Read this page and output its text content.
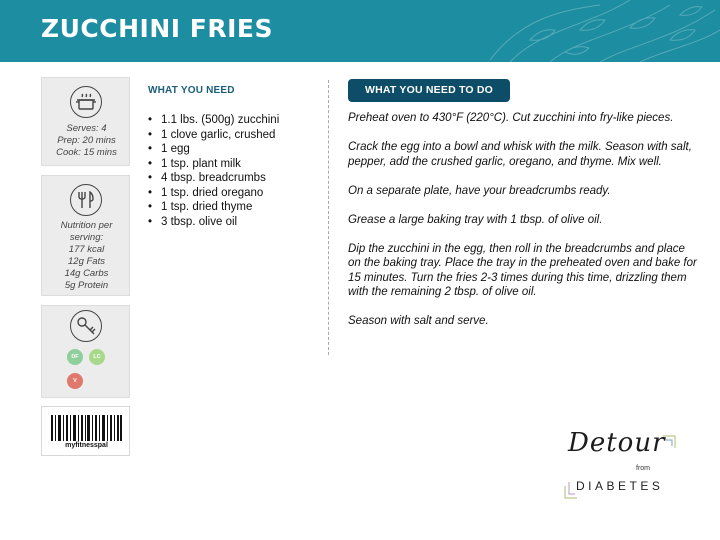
ZUCCHINI FRIES
Serves: 4
Prep: 20 mins
Cook: 15 mins
Nutrition per
serving:
177 kcal
12g Fats
14g Carbs
5g Protein
DF	LC
V
myfitnesspal
WHAT YOU NEED
• 1.1 lbs. (500g) zucchini
• 1 clove garlic, crushed
• 1 egg
• 1 tsp. plant milk
• 4 tbsp. breadcrumbs
• 1 tsp. dried oregano
• 1 tsp. dried thyme
• 3 tbsp. olive oil
WHAT YOU NEED TO DO

Preheat oven to 430°F (220°C). Cut zucchini into fry-like pieces.

Crack the egg into a bowl and whisk with the milk. Season with salt, pepper, add the crushed garlic, oregano, and thyme. Mix well.

On a separate plate, have your breadcrumbs ready.

Grease a large baking tray with 1 tbsp. of olive oil.

Dip the zucchini in the egg, then roll in the breadcrumbs and place on the baking tray. Place the tray in the preheated oven and bake for 15 minutes. Turn the fries 2-3 times during this time, drizzling them with the remaining 2 tbsp. of olive oil.

Season with salt and serve.

Detour
from
DIABETES
